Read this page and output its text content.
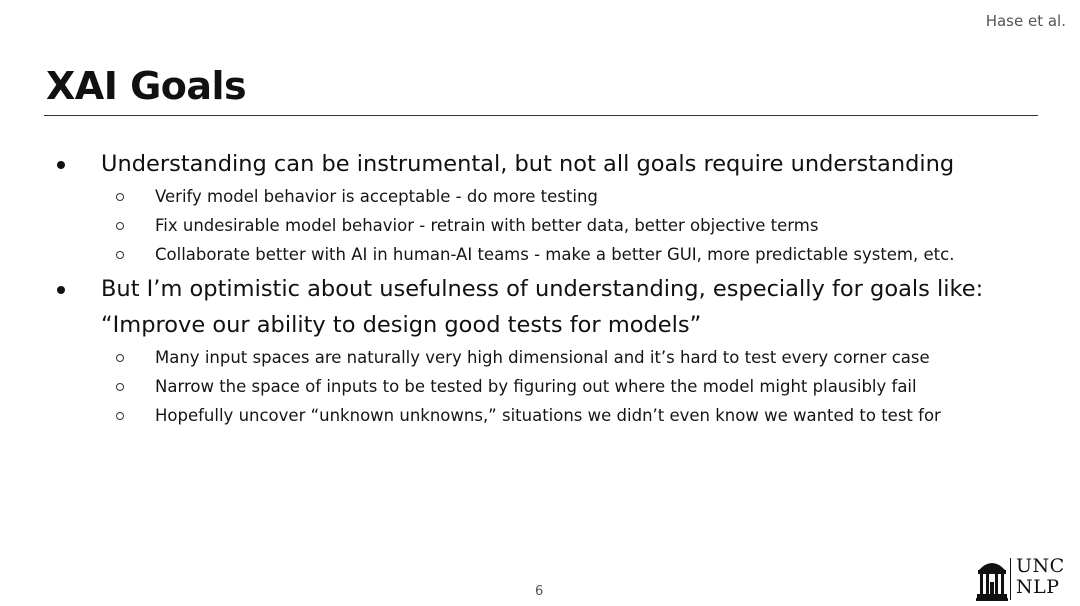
Hase et al.
XAI Goals
Understanding can be instrumental, but not all goals require understanding
Verify model behavior is acceptable - do more testing
Fix undesirable model behavior - retrain with better data, better objective terms
Collaborate better with AI in human-AI teams - make a better GUI, more predictable system, etc.
But I’m optimistic about usefulness of understanding, especially for goals like: “Improve our ability to design good tests for models”
Many input spaces are naturally very high dimensional and it’s hard to test every corner case
Narrow the space of inputs to be tested by figuring out where the model might plausibly fail
Hopefully uncover “unknown unknowns,” situations we didn’t even know we wanted to test for
6
UNC
NLP
